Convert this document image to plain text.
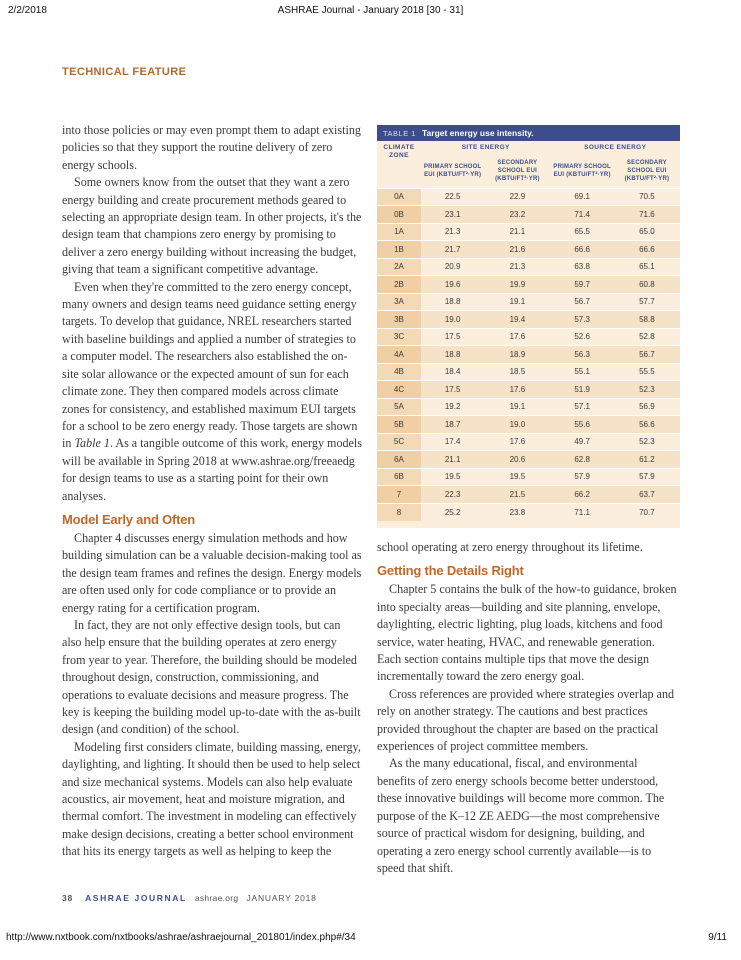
2/2/2018	ASHRAE Journal - January 2018 [30 - 31]
TECHNICAL FEATURE

into those policies or may even prompt them to adapt existing policies so that they support the routine delivery of zero energy schools.

Some owners know from the outset that they want a zero energy building and create procurement methods geared to selecting an appropriate design team. In other projects, it's the design team that champions zero energy by promising to deliver a zero energy building without increasing the budget, giving that team a significant competitive advantage.

Even when they're committed to the zero energy concept, many owners and design teams need guidance setting energy targets. To develop that guidance, NREL researchers started with baseline buildings and applied a number of strategies to a computer model. The researchers also established the on-site solar allowance or the expected amount of sun for each climate zone. They then compared models across climate zones for consistency, and established maximum EUI targets for a school to be zero energy ready. Those targets are shown in Table 1. As a tangible outcome of this work, energy models will be available in Spring 2018 at www.ashrae.org/freeaedg for design teams to use as a starting point for their own analyses.

Model Early and Often

Chapter 4 discusses energy simulation methods and how building simulation can be a valuable decision-making tool as the design team frames and refines the design. Energy models are often used only for code compliance or to provide an energy rating for a certification program.

In fact, they are not only effective design tools, but can also help ensure that the building operates at zero energy from year to year. Therefore, the building should be modeled throughout design, construction, commissioning, and operations to evaluate decisions and measure progress. The key is keeping the building model up-to-date with the as-built design (and condition) of the school.

Modeling first considers climate, building massing, energy, daylighting, and lighting. It should then be used to help select and size mechanical systems. Models can also help evaluate acoustics, air movement, heat and moisture migration, and thermal comfort. The investment in modeling can effectively make design decisions, creating a better school environment that hits its energy targets as well as helping to keep the

TABLE 1 Target energy use intensity.
CLIMATE ZONE	SITE ENERGY		SOURCE ENERGY	
	PRIMARY SCHOOL EUI (KBTU/FT²·YR)	SECONDARY SCHOOL EUI (KBTU/FT²·YR)	PRIMARY SCHOOL EUI (KBTU/FT²·YR)	SECONDARY SCHOOL EUI (KBTU/FT²·YR)
0A	22.5	22.9	69.1	70.5
0B	23.1	23.2	71.4	71.6
1A	21.3	21.1	65.5	65.0
1B	21.7	21.6	66.6	66.6
2A	20.9	21.3	63.8	65.1
2B	19.6	19.9	59.7	60.8
3A	18.8	19.1	56.7	57.7
3B	19.0	19.4	57.3	58.8
3C	17.5	17.6	52.6	52.8
4A	18.8	18.9	56.3	56.7
4B	18.4	18.5	55.1	55.5
4C	17.5	17.6	51.9	52.3
5A	19.2	19.1	57.1	56.9
5B	18.7	19.0	55.6	56.6
5C	17.4	17.6	49.7	52.3
6A	21.1	20.6	62.8	61.2
6B	19.5	19.5	57.9	57.9
7	22.3	21.5	66.2	63.7
8	25.2	23.8	71.1	70.7

school operating at zero energy throughout its lifetime.

Getting the Details Right

Chapter 5 contains the bulk of the how-to guidance, broken into specialty areas—building and site planning, envelope, daylighting, electric lighting, plug loads, kitchens and food service, water heating, HVAC, and renewable generation. Each section contains multiple tips that move the design incrementally toward the zero energy goal.

Cross references are provided where strategies overlap and rely on another strategy. The cautions and best practices provided throughout the chapter are based on the practical experiences of project committee members.

As the many educational, fiscal, and environmental benefits of zero energy schools become better understood, these innovative buildings will become more common. The purpose of the K–12 ZE AEDG—the most comprehensive source of practical wisdom for designing, building, and operating a zero energy school currently available—is to speed that shift.

38 ASHRAE JOURNAL ashrae.org JANUARY 2018
http://www.nxtbook.com/nxtbooks/ashrae/ashraejournal_201801/index.php#/34	9/11
